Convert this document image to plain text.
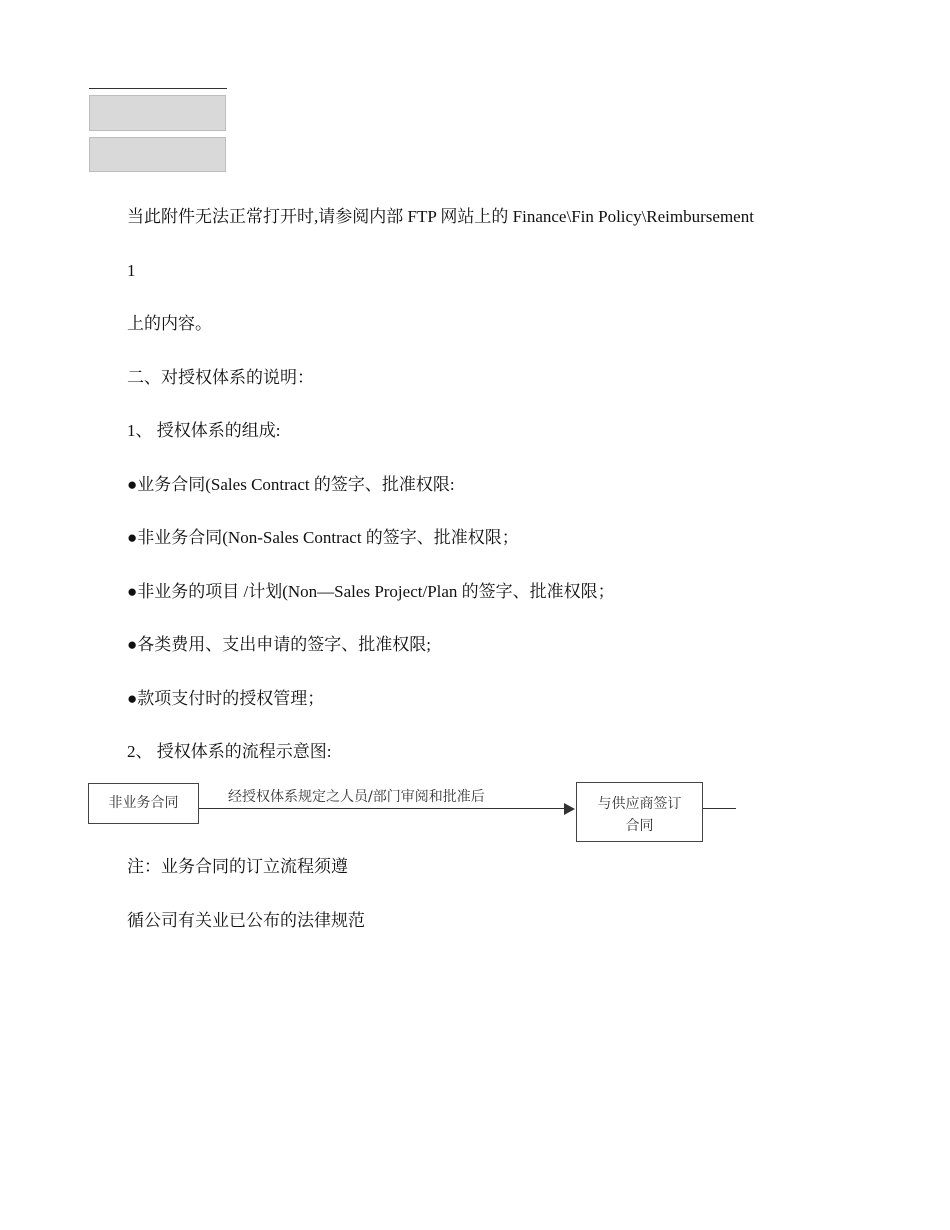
当此附件无法正常打开时,请参阅内部 FTP 网站上的 Finance\Fin Policy\Reimbursement
1
上的内容。
二、对授权体系的说明：
1、 授权体系的组成:
●业务合同(Sales Contract 的签字、批准权限:
●非业务合同(Non-Sales Contract 的签字、批准权限；
●非业务的项目 /计划(Non—Sales Project/Plan 的签字、批准权限；
●各类费用、支出申请的签字、批准权限;
●款项支付时的授权管理；
2、 授权体系的流程示意图:
非业务合同	经授权体系规定之人员/部门审阅和批准后	与供应商签订
合同
注：业务合同的订立流程须遵
循公司有关业已公布的法律规范
